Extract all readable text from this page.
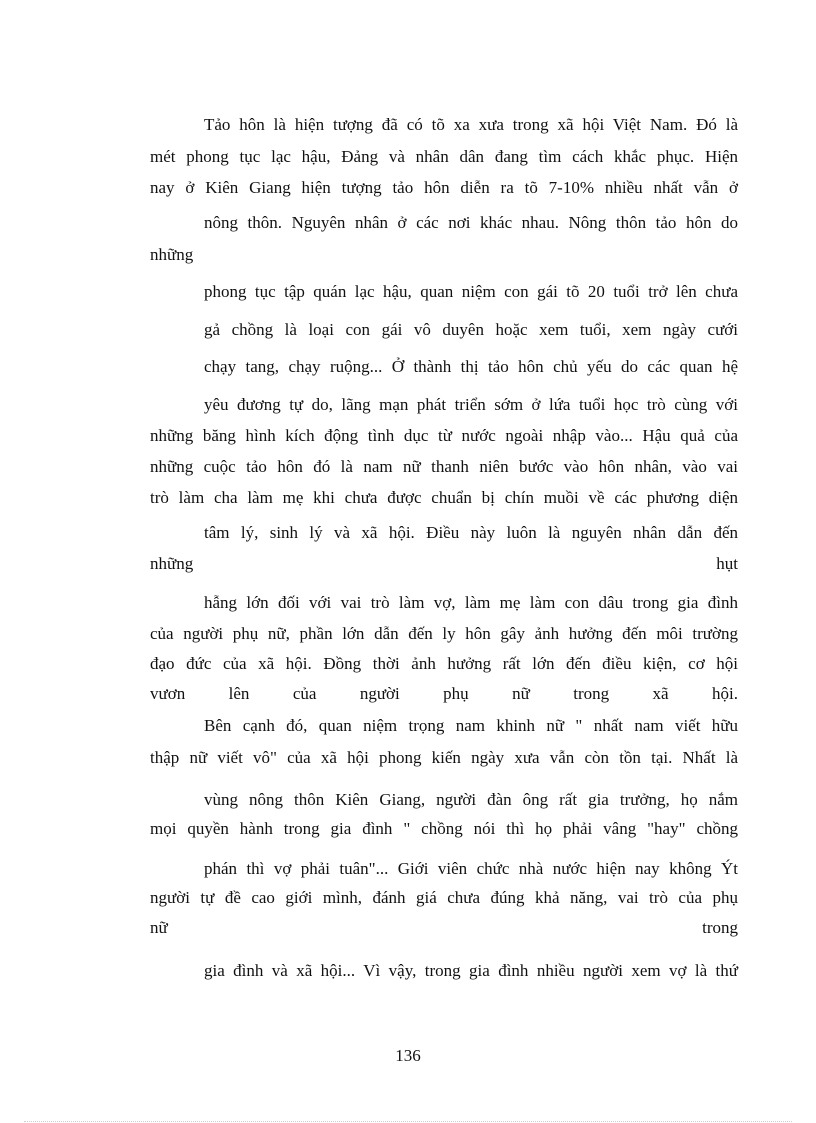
Tảo hôn là hiện tượng đã có tõ xa xưa trong xã hội Việt Nam. Đó là
mét phong tục lạc hậu, Đảng và nhân dân đang tìm cách khắc phục. Hiện
nay ở Kiên Giang hiện tượng tảo hôn diễn ra tõ 7-10% nhiều nhất vẫn ở
nông thôn. Nguyên nhân ở các nơi khác nhau. Nông thôn tảo hôn do
những
phong tục tập quán lạc hậu, quan niệm con gái tõ 20 tuổi trở lên chưa
gả chồng là loại con gái vô duyên hoặc xem tuổi, xem ngày cưới
chạy tang, chạy ruộng... Ở thành thị tảo hôn chủ yếu do các quan hệ
yêu đương tự do, lãng mạn phát triển sớm ở lứa tuổi học trò cùng với
những băng hình kích động tình dục từ nước ngoài nhập vào... Hậu quả của
những cuộc tảo hôn đó là nam nữ thanh niên bước vào hôn nhân, vào vai
trò làm cha làm mẹ khi chưa được chuẩn bị chín muồi về các phương diện
tâm lý, sinh lý và xã hội. Điều này luôn là nguyên nhân dẫn đến
những	hụt
hẫng lớn đối với vai trò làm vợ, làm mẹ làm con dâu trong gia đình
của người phụ nữ, phần lớn dẫn đến ly hôn gây ảnh hưởng đến môi trường
đạo đức của xã hội. Đồng thời ảnh hưởng rất lớn đến điều kiện, cơ hội
vươn lên của người phụ nữ trong xã hội.
Bên cạnh đó, quan niệm trọng nam khinh nữ " nhất nam viết hữu
thập nữ viết vô" của xã hội phong kiến ngày xưa vẫn còn tồn tại. Nhất là
vùng nông thôn Kiên Giang, người đàn ông rất gia trưởng, họ nắm
mọi quyền hành trong gia đình " chồng nói thì họ phải vâng "hay" chồng
phán thì vợ phải tuân"... Giới viên chức nhà nước hiện nay không Ýt
người tự đề cao giới mình, đánh giá chưa đúng khả năng, vai trò của phụ
nữ	trong
gia đình và xã hội... Vì vậy, trong gia đình nhiều người xem vợ là thứ
136
